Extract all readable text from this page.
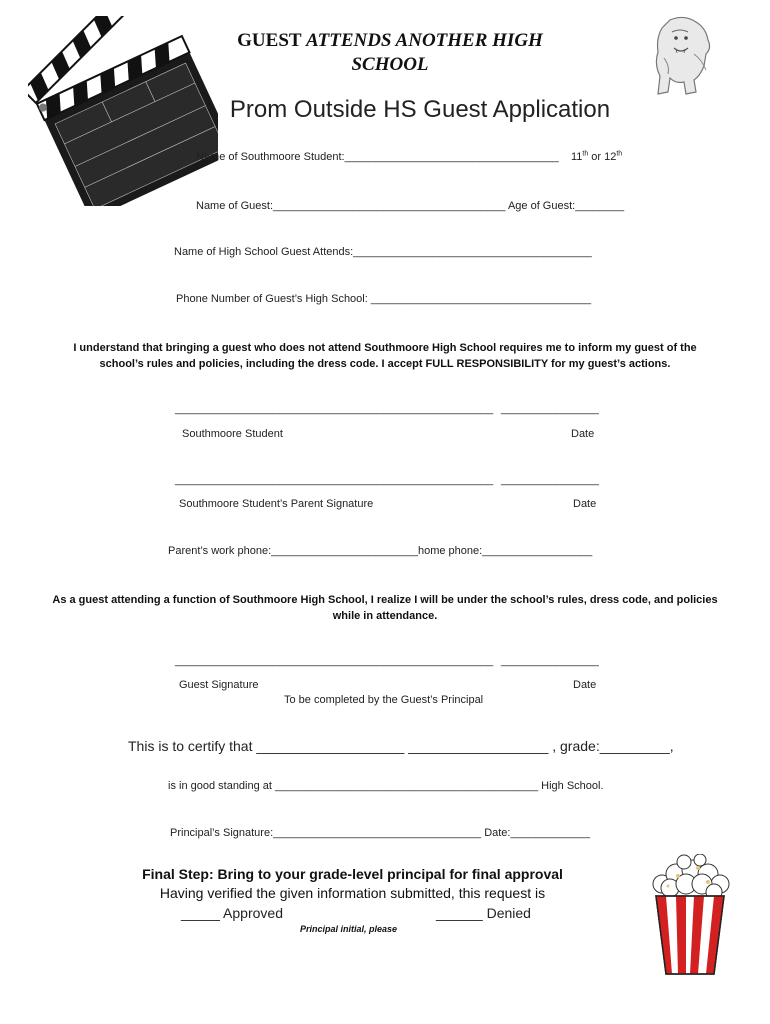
GUEST ATTENDS ANOTHER HIGH
SCHOOL
Prom Outside HS Guest Application
Name of Southmoore Student:___________________________________ 11th or 12th
Name of Guest:______________________________________ Age of Guest:________
Name of High School Guest Attends:_______________________________________
Phone Number of Guest’s High School: ____________________________________
I understand that bringing a guest who does not attend Southmoore High School requires me to inform my guest of the school’s rules and policies, including the dress code. I accept FULL RESPONSIBILITY for my guest’s actions.
____________________________________________________ ________________
Southmoore Student	Date
____________________________________________________ ________________
Southmoore Student’s Parent Signature	Date
Parent’s work phone:________________________home phone:__________________
As a guest attending a function of Southmoore High School, I realize I will be under the school’s rules, dress code, and policies while in attendance.
____________________________________________________ ________________
Guest Signature	Date
To be completed by the Guest’s Principal
This is to certify that ___________________ __________________ , grade:_________,
is in good standing at ___________________________________________ High School.
Principal’s Signature:__________________________________ Date:_____________
Final Step: Bring to your grade-level principal for final approval
Having verified the given information submitted, this request is
_____ Approved	______ Denied
Principal initial, please
